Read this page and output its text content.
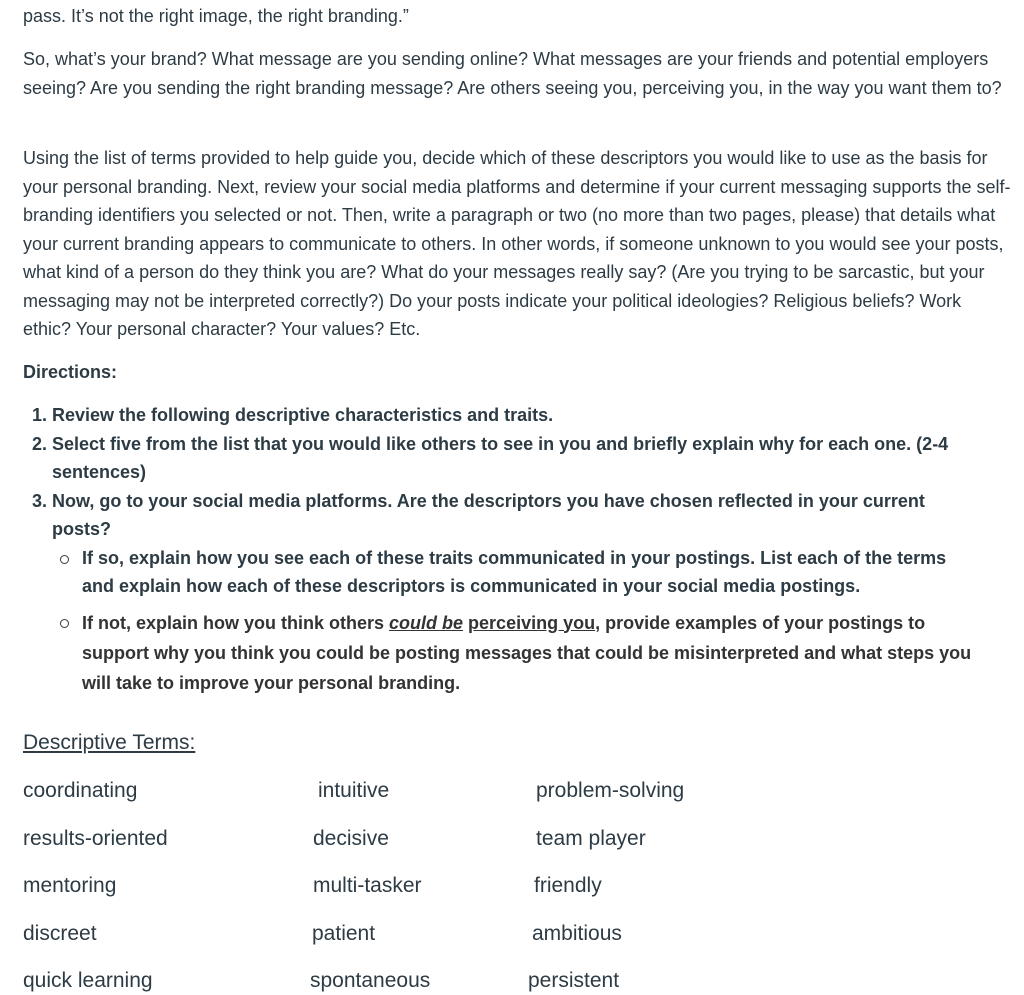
pass. It’s not the right image, the right branding.”

So, what’s your brand? What message are you sending online? What messages are your friends and potential employers seeing? Are you sending the right branding message? Are others seeing you, perceiving you, in the way you want them to?

Using the list of terms provided to help guide you, decide which of these descriptors you would like to use as the basis for your personal branding. Next, review your social media platforms and determine if your current messaging supports the self-branding identifiers you selected or not. Then, write a paragraph or two (no more than two pages, please) that details what your current branding appears to communicate to others. In other words, if someone unknown to you would see your posts, what kind of a person do they think you are? What do your messages really say? (Are you trying to be sarcastic, but your messaging may not be interpreted correctly?) Do your posts indicate your political ideologies? Religious beliefs? Work ethic? Your personal character? Your values? Etc.

Directions:

1. Review the following descriptive characteristics and traits.
2. Select five from the list that you would like others to see in you and briefly explain why for each one. (2-4 sentences)
3. Now, go to your social media platforms. Are the descriptors you have chosen reflected in your current posts?
If so, explain how you see each of these traits communicated in your postings. List each of the terms and explain how each of these descriptors is communicated in your social media postings.
If not, explain how you think others could be perceiving you, provide examples of your postings to support why you think you could be posting messages that could be misinterpreted and what steps you will take to improve your personal branding.

Descriptive Terms:

coordinating
results-oriented
mentoring
discreet
quick learning
intuitive
decisive
multi-tasker
patient
spontaneous
problem-solving
team player
friendly
ambitious
persistent
